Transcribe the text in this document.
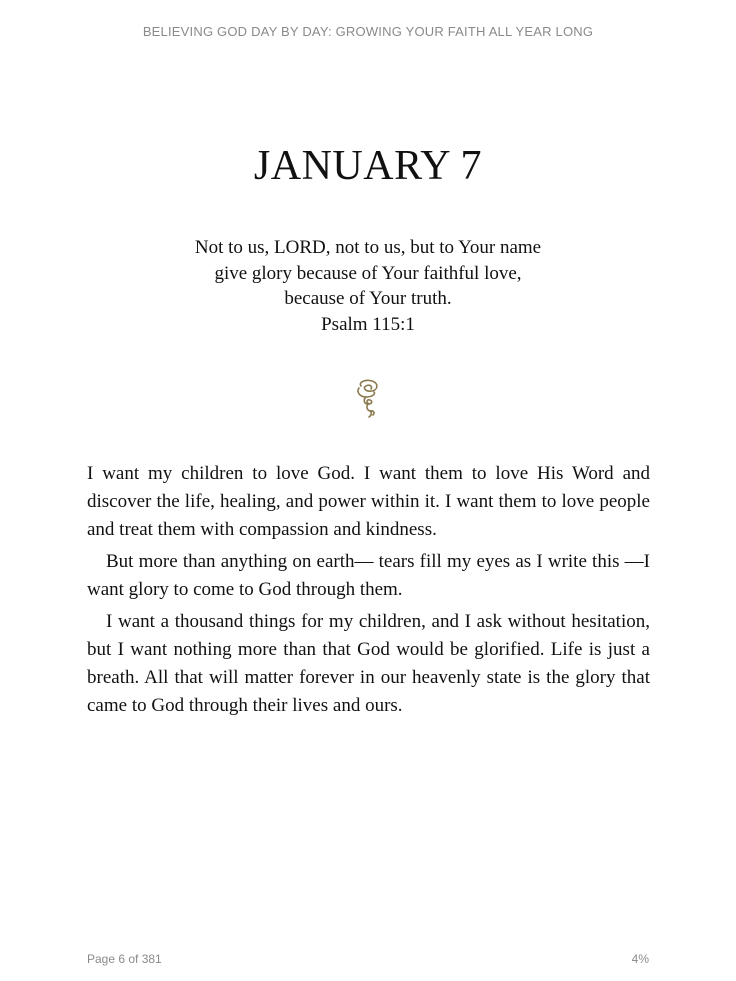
BELIEVING GOD DAY BY DAY: GROWING YOUR FAITH ALL YEAR LONG
JANUARY 7
Not to us, LORD, not to us, but to Your name
give glory because of Your faithful love,
because of Your truth.
Psalm 115:1

I want my children to love God. I want them to love His Word and discover the life, healing, and power within it. I want them to love people and treat them with compassion and kindness.

But more than anything on earth— tears fill my eyes as I write this —I want glory to come to God through them.

I want a thousand things for my children, and I ask without hesitation, but I want nothing more than that God would be glorified. Life is just a breath. All that will matter forever in our heavenly state is the glory that came to God through their lives and ours.

Page 6 of 381	4%
